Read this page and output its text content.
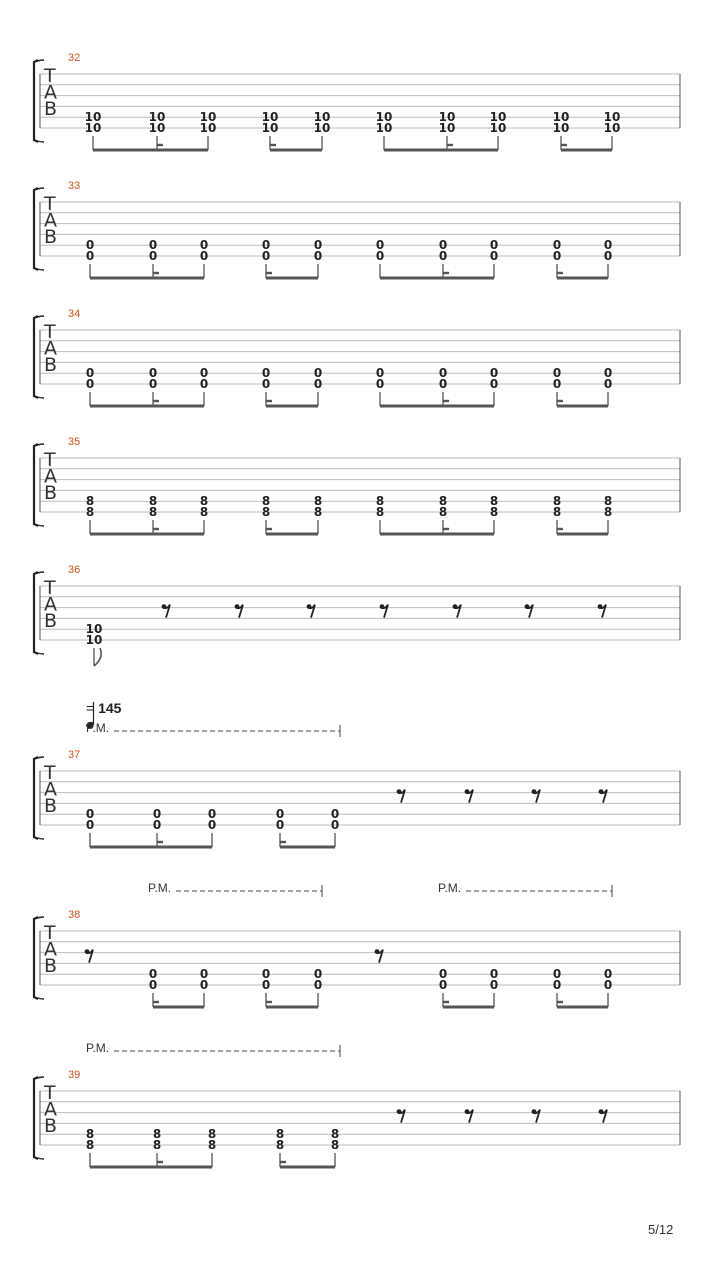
T
A
B 10
10
10
10
10
10
10
10
10
10
10
10
10
10
10
10
10
10
10
10
T
A
B 0
0
0
0
0
0
0
0
0
0
0
0
0
0
0
0
0
0
0
0
T
A
B 0
0
0
0
0
0
0
0
0
0
0
0
0
0
0
0
0
0
0
0
T
A
B 8
8
8
8
8
8
8
8
8
8
8
8
8
8
8
8
8
8
8
8
T
A
B 10
10
T
A
B 0
0
0
0
0
0
0
0
0
0
T
A
B	0
0
0
0
0
0
0
0
0
0
0
0
0
0
0
0
T
A
B 8
8
8
8
8
8
8
8
8
8
32
33
34
35
36
37
38
39
P.M.
P.M.	P.M.
P.M.
= 145
5/12
